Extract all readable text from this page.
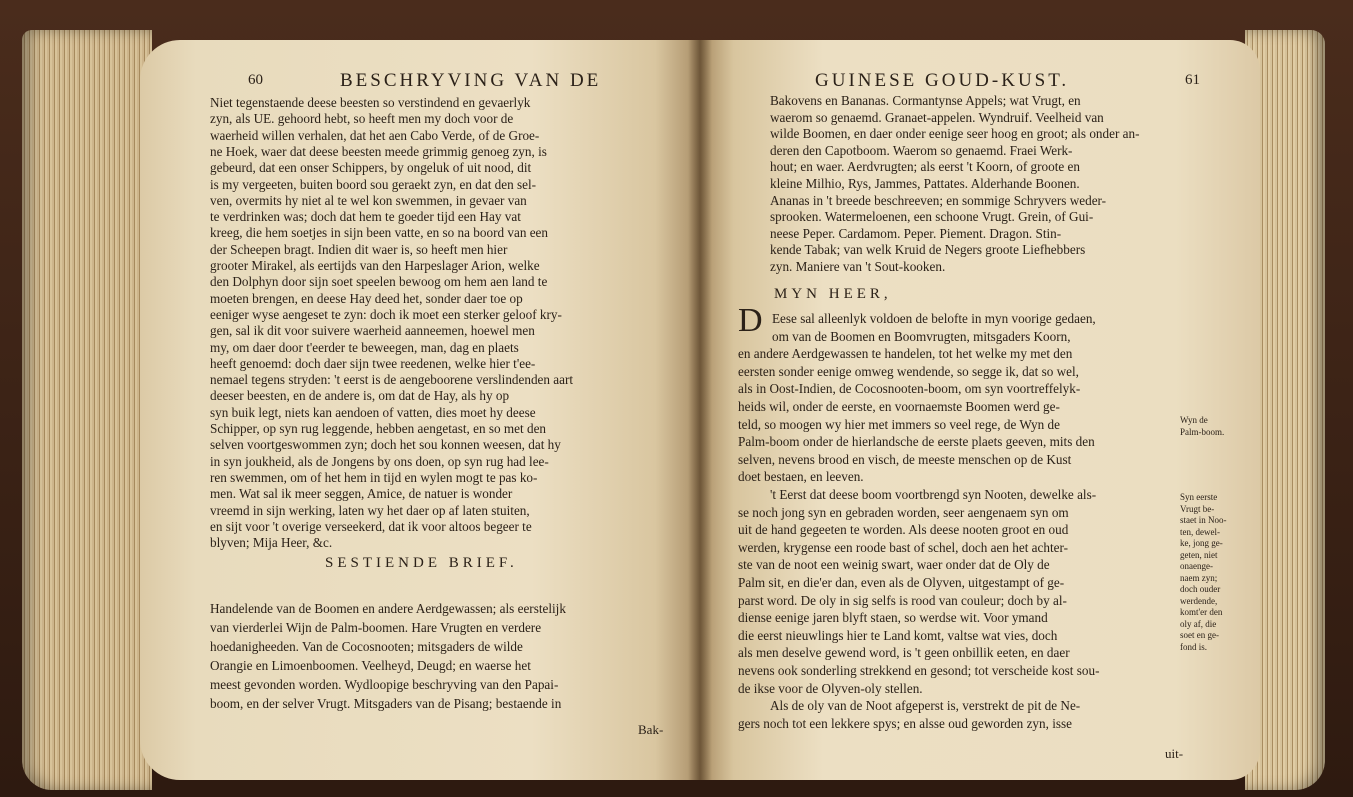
60	BESCHRYVING VAN DE
Niet tegenstaende deese beesten so verstindend en gevaerlyk
zyn, als UE. gehoord hebt, so heeft men my doch voor de
waerheid willen verhalen, dat het aen Cabo Verde, of de Groe-
ne Hoek, waer dat deese beesten meede grimmig genoeg zyn, is
gebeurd, dat een onser Schippers, by ongeluk of uit nood, dit
is my vergeeten, buiten boord sou geraekt zyn, en dat den sel-
ven, overmits hy niet al te wel kon swemmen, in gevaer van
te verdrinken was; doch dat hem te goeder tijd een Hay vat
kreeg, die hem soetjes in sijn been vatte, en so na boord van een
der Scheepen bragt. Indien dit waer is, so heeft men hier
grooter Mirakel, als eertijds van den Harpeslager Arion, welke
den Dolphyn door sijn soet speelen bewoog om hem aen land te
moeten brengen, en deese Hay deed het, sonder daer toe op
eeniger wyse aengeset te zyn: doch ik moet een sterker geloof kry-
gen, sal ik dit voor suivere waerheid aanneemen, hoewel men
my, om daer door t'eerder te beweegen, man, dag en plaets
heeft genoemd: doch daer sijn twee reedenen, welke hier t'ee-
nemael tegens stryden: 't eerst is de aengeboorene verslindenden aart
deeser beesten, en de andere is, om dat de Hay, als hy op
syn buik legt, niets kan aendoen of vatten, dies moet hy deese
Schipper, op syn rug leggende, hebben aengetast, en so met den
selven voortgeswommen zyn; doch het sou konnen weesen, dat hy
in syn joukheid, als de Jongens by ons doen, op syn rug had lee-
ren swemmen, om of het hem in tijd en wylen mogt te pas ko-
men. Wat sal ik meer seggen, Amice, de natuer is wonder
vreemd in sijn werking, laten wy het daer op af laten stuiten,
en sijt voor 't overige verseekerd, dat ik voor altoos begeer te
blyven; Mija Heer, &c.
SESTIENDE BRIEF.
Handelende van de Boomen en andere Aerdgewassen; als eerstelijk
van vierderlei Wijn de Palm-boomen. Hare Vrugten en verdere
hoedanigheeden. Van de Cocosnooten; mitsgaders de wilde
Orangie en Limoenboomen. Veelheyd, Deugd; en waerse het
meest gevonden worden. Wydloopige beschryving van den Papai-
boom, en der selver Vrugt. Mitsgaders van de Pisang; bestaende in
Bak-
GUINESE GOUD-KUST.	61
Bakovens en Bananas. Cormantynse Appels; wat Vrugt, en
waerom so genaemd. Granaet-appelen. Wyndruif. Veelheid van
wilde Boomen, en daer onder eenige seer hoog en groot; als onder an-
deren den Capotboom. Waerom so genaemd. Fraei Werk-
hout; en waer. Aerdvrugten; als eerst 't Koorn, of groote en
kleine Milhio, Rys, Jammes, Pattates. Alderhande Boonen.
Ananas in 't breede beschreeven; en sommige Schryvers weder-
sprooken. Watermeloenen, een schoone Vrugt. Grein, of Gui-
neese Peper. Cardamom. Peper. Piement. Dragon. Stin-
kende Tabak; van welk Kruid de Negers groote Liefhebbers
zyn. Maniere van 't Sout-kooken.
MYN HEER,
D Eese sal alleenlyk voldoen de belofte in myn voorige gedaen,
om van de Boomen en Boomvrugten, mitsgaders Koorn,
en andere Aerdgewassen te handelen, tot het welke my met den
eersten sonder eenige omweg wendende, so segge ik, dat so wel,
als in Oost-Indien, de Cocosnooten-boom, om syn voortreffelyk-
heids wil, onder de eerste, en voornaemste Boomen werd ge-
teld, so moogen wy hier met immers so veel rege, de Wyn de
Palm-boom onder de hierlandsche de eerste plaets geeven, mits den
selven, nevens brood en visch, de meeste menschen op de Kust
doet bestaen, en leeven.
't Eerst dat deese boom voortbrengd syn Nooten, dewelke als-
se noch jong syn en gebraden worden, seer aengenaem syn om
uit de hand gegeeten te worden. Als deese nooten groot en oud
werden, krygense een roode bast of schel, doch aen het achter-
ste van de noot een weinig swart, waer onder dat de Oly de
Palm sit, en die'er dan, even als de Olyven, uitgestampt of ge-
parst word. De oly in sig selfs is rood van couleur; doch by al-
diense eenige jaren blyft staen, so werdse wit. Voor ymand
die eerst nieuwlings hier te Land komt, valtse wat vies, doch
als men deselve gewend word, is 't geen onbillik eeten, en daer
nevens ook sonderling strekkend en gesond; tot verscheide kost sou-
de ikse voor de Olyven-oly stellen.
Als de oly van de Noot afgeperst is, verstrekt de pit de Ne-
gers noch tot een lekkere spys; en alsse oud geworden zyn, isse
Wyn de
Palm-boom.
Syn eerste
Vrugt be-
staet in Noo-
ten, dewel-
ke, jong ge-
geten, niet
onaenge-
naem zyn;
doch ouder
werdende,
komt'er den
oly af, die
soet en ge-
fond is.
uit-
